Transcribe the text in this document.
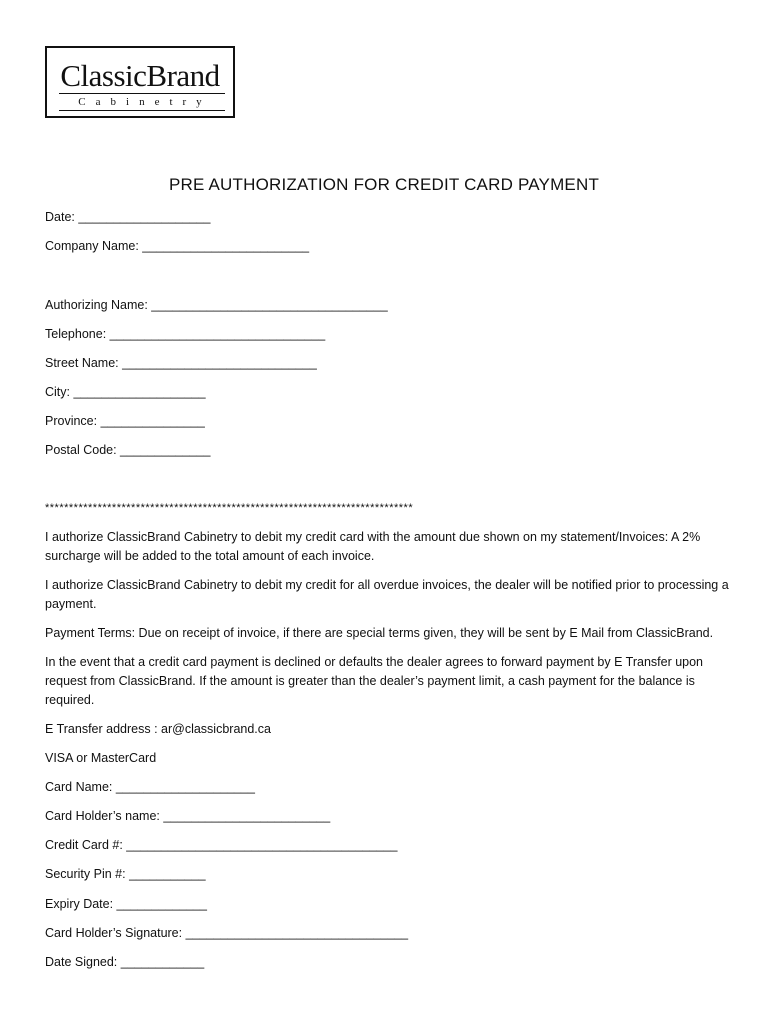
ClassicBrand
Cabinetry
PRE AUTHORIZATION FOR CREDIT CARD PAYMENT
Date: ___________________
Company Name: ________________________
Authorizing Name: __________________________________
Telephone: _______________________________
Street Name: ____________________________
City: ___________________
Province: _______________
Postal Code: _____________
*****************************************************************************
I authorize ClassicBrand Cabinetry to debit my credit card with the amount due shown on my statement/Invoices: A 2% surcharge will be added to the total amount of each invoice.
I authorize ClassicBrand Cabinetry to debit my credit for all overdue invoices, the dealer will be notified prior to processing a payment.
Payment Terms: Due on receipt of invoice, if there are special terms given, they will be sent by E Mail from ClassicBrand.
In the event that a credit card payment is declined or defaults the dealer agrees to forward payment by E Transfer upon request from ClassicBrand. If the amount is greater than the dealer’s payment limit, a cash payment for the balance is required.
E Transfer address : ar@classicbrand.ca
VISA or MasterCard
Card Name: ____________________
Card Holder’s name: ________________________
Credit Card #: _______________________________________
Security Pin #: ___________
Expiry Date: _____________
Card Holder’s Signature: ________________________________
Date Signed: ____________
